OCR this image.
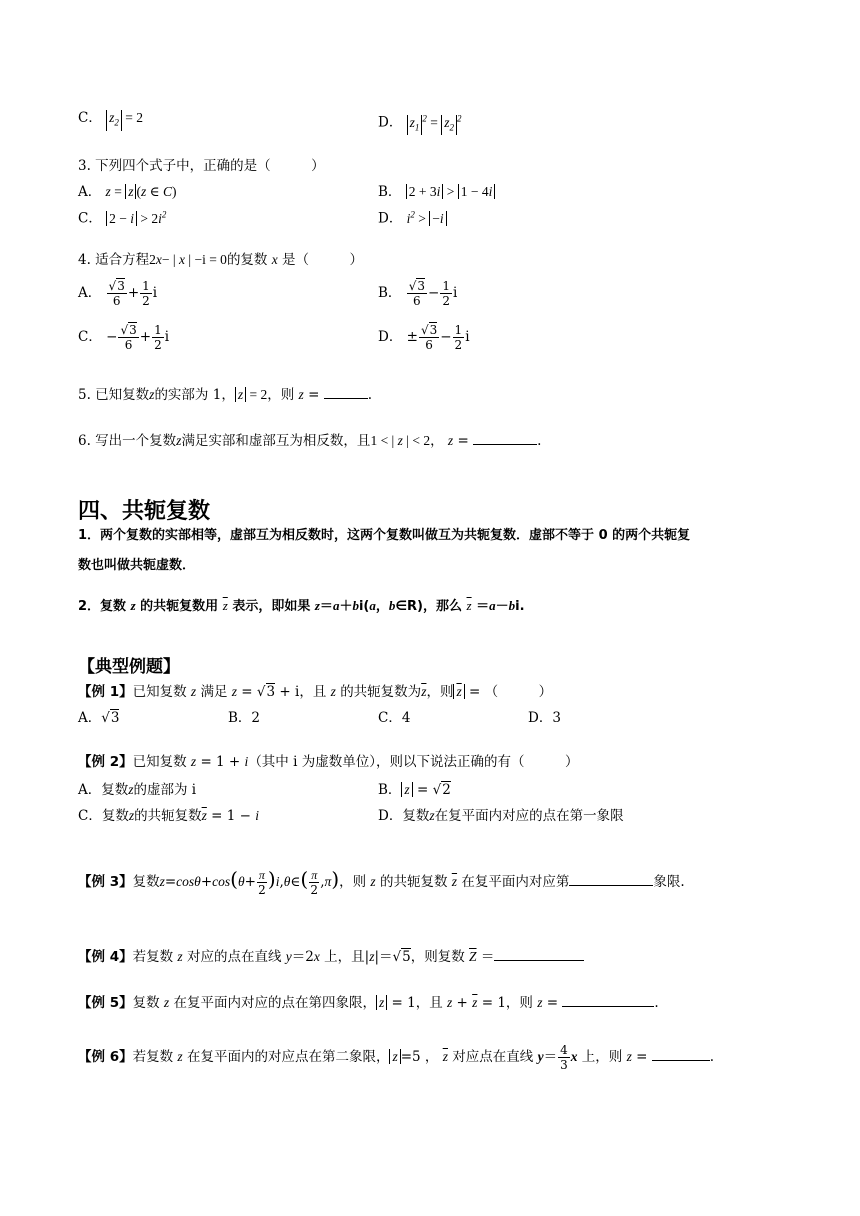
C． $z_2 = 2$	D． $z_1^2 = z_2^2$
3. 下列四个式子中，正确的是（　　　）
A． z = z (z ∈ C)	B． 2 + 3i > 1 − 4i
C． $2 - i > 2i^2$	D． $i^2 > -i$
4. 适合方程2x− | x | −i = 0的复数 x 是（　　　）
A． $\frac{√3}{6} + \frac{1}{2}$ i	B． $\frac{√3}{6} - \frac{1}{2}$ i
C． − $\frac{√3}{6} + \frac{1}{2}$ i	D． ± $\frac{√3}{6} - \frac{1}{2}$ i
5. 已知复数z的实部为 1， z = 2，则 z =	.
6. 写出一个复数z满足实部和虚部互为相反数，且1 < | z | < 2， z =	.
四、共轭复数
1．两个复数的实部相等，虚部互为相反数时，这两个复数叫做互为共轭复数．虚部不等于 0 的两个共轭复
数也叫做共轭虚数．
2．复数 z 的共轭复数用 $\overline{z}$ 表示，即如果 z＝a＋bi(a，b∈R)，那么 $\overline{z} =a-bi$.
【典型例题】
【例 1】已知复数 z 满足 z = √3 + i，且 z 的共轭复数为$\overline{z}$，则 $\overline{z}$ = （　　　）
A．√3	B．2	C．4	D．3
【例 2】已知复数 z = 1 + i（其中 i 为虚数单位），则以下说法正确的有（　　　）
A．复数z的虚部为 i	B． z = √2
C．复数z的共轭复数$\overline{z} = 1 - i$	D．复数z在复平面内对应的点在第一象限
【例 3】复数$z=\cos\theta+\cos(\theta+ \frac{\pi}{2}$ )i,θ∈( $\frac{\pi}{2} ,\pi$)，则 z 的共轭复数 $\overline{z}$ 在复平面内对应第	象限.
【例 4】若复数 z 对应的点在直线 y＝2x 上，且|z|＝√5，则复数 $\overline{Z}$ ＝
【例 5】复数 z 在复平面内对应的点在第四象限， z = 1，且 $z + \overline{z} = 1$，则 z =	.
【例 6】若复数 z 在复平面内的对应点在第二象限， z =5 ， $\overline{z}$ 对应点在直线 $y= \frac{4}{3}$ x 上，则 z =	.
